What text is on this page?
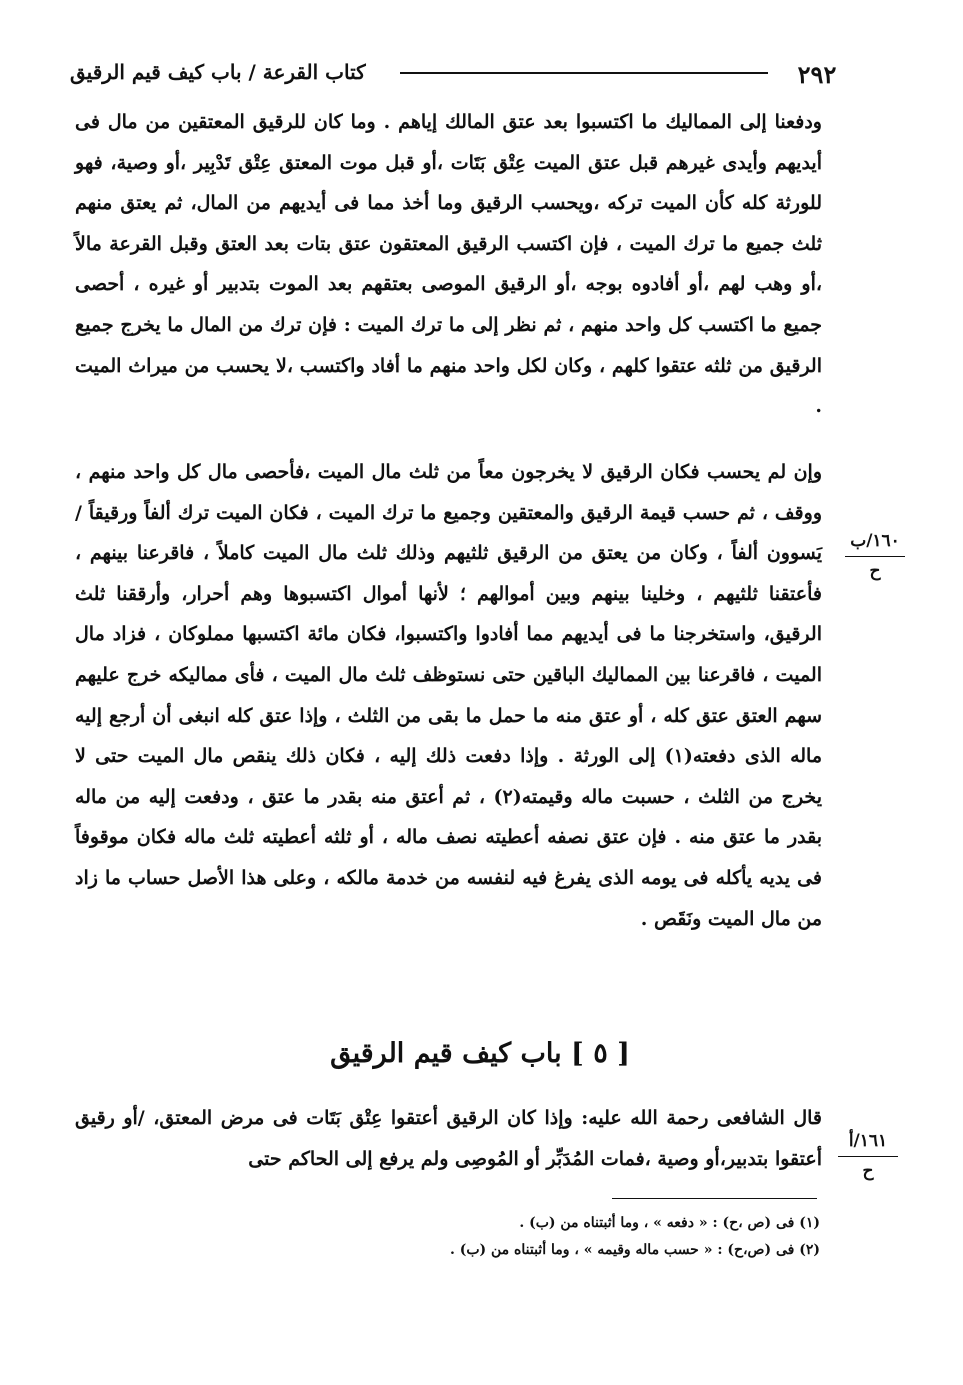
٢٩٢
كتاب القرعة / باب كيف قيم الرقيق

ودفعنا إلى المماليك ما اكتسبوا بعد عتق المالك إياهم . وما كان للرقيق المعتقين من مال فى أيديهم وأيدى غيرهم قبل عتق الميت عِتْق بَتَات ،أو قبل موت المعتق عِتْق تَدْبِير ،أو وصية، فهو للورثة كله كأن الميت تركه ،ويحسب الرقيق وما أخذ مما فى أيديهم من المال، ثم يعتق منهم ثلث جميع ما ترك الميت ، فإن اكتسب الرقيق المعتقون عتق بتات بعد العتق وقبل القرعة مالاً ،أو وهب لهم ،أو أفادوه بوجه ،أو الرقيق الموصى بعتقهم بعد الموت بتدبير أو غيره ، أحصى جميع ما اكتسب كل واحد منهم ، ثم نظر إلى ما ترك الميت : فإن ترك من المال ما يخرج جميع الرقيق من ثلثه عتقوا كلهم ، وكان لكل واحد منهم ما أفاد واكتسب ،لا يحسب من ميراث الميت .

وإن لم يحسب فكان الرقيق لا يخرجون معاً من ثلث مال الميت ،فأحصى مال كل واحد منهم ، ووقف ، ثم حسب قيمة الرقيق والمعتقين وجميع ما ترك الميت ، فكان الميت ترك ألفاً ورقيقاً / يَسوون ألفاً ، وكان من يعتق من الرقيق ثلثيهم وذلك ثلث مال الميت كاملاً ، فاقرعنا بينهم ، فأعتقنا ثلثيهم ، وخلينا بينهم وبين أموالهم ؛ لأنها أموال اكتسبوها وهم أحرار، وأرققنا ثلث الرقيق، واستخرجنا ما فى أيديهم مما أفادوا واكتسبوا، فكان مائة اكتسبها مملوكان ، فزاد مال الميت ، فاقرعنا بين المماليك الباقين حتى نستوظف ثلث مال الميت ، فأى مماليكه خرج عليهم سهم العتق عتق كله ، أو عتق منه ما حمل ما بقى من الثلث ، وإذا عتق كله انبغى أن أرجع إليه ماله الذى دفعته(١) إلى الورثة . وإذا دفعت ذلك إليه ، فكان ذلك ينقص مال الميت حتى لا يخرج من الثلث ، حسبت ماله وقيمته(٢) ، ثم أعتق منه بقدر ما عتق ، ودفعت إليه من ماله بقدر ما عتق منه . فإن عتق نصفه أعطيته نصف ماله ، أو ثلثه أعطيته ثلث ماله فكان موقوفاً فى يديه يأكله فى يومه الذى يفرغ فيه لنفسه من خدمة مالكه ، وعلى هذا الأصل حساب ما زاد من مال الميت ونَقَص .

١٦٠/ب
ح
[ ٥ ] باب كيف قيم الرقيق

قال الشافعى رحمة الله عليه: وإذا كان الرقيق أعتقوا عِتْق بَتَات فى مرض المعتق، /أو رقيق أعتقوا بتدبير،أو وصية ،فمات المُدَبِّر أو المُوصِى ولم يرفع إلى الحاكم حتى

١٦١/أ
ح
(١) فى (ص ،ح) : « دفعه » ، وما أثبتناه من (ب) .
(٢) فى (ص،ح) : « حسب ماله وقيمه » ، وما أثبتناه من (ب) .
